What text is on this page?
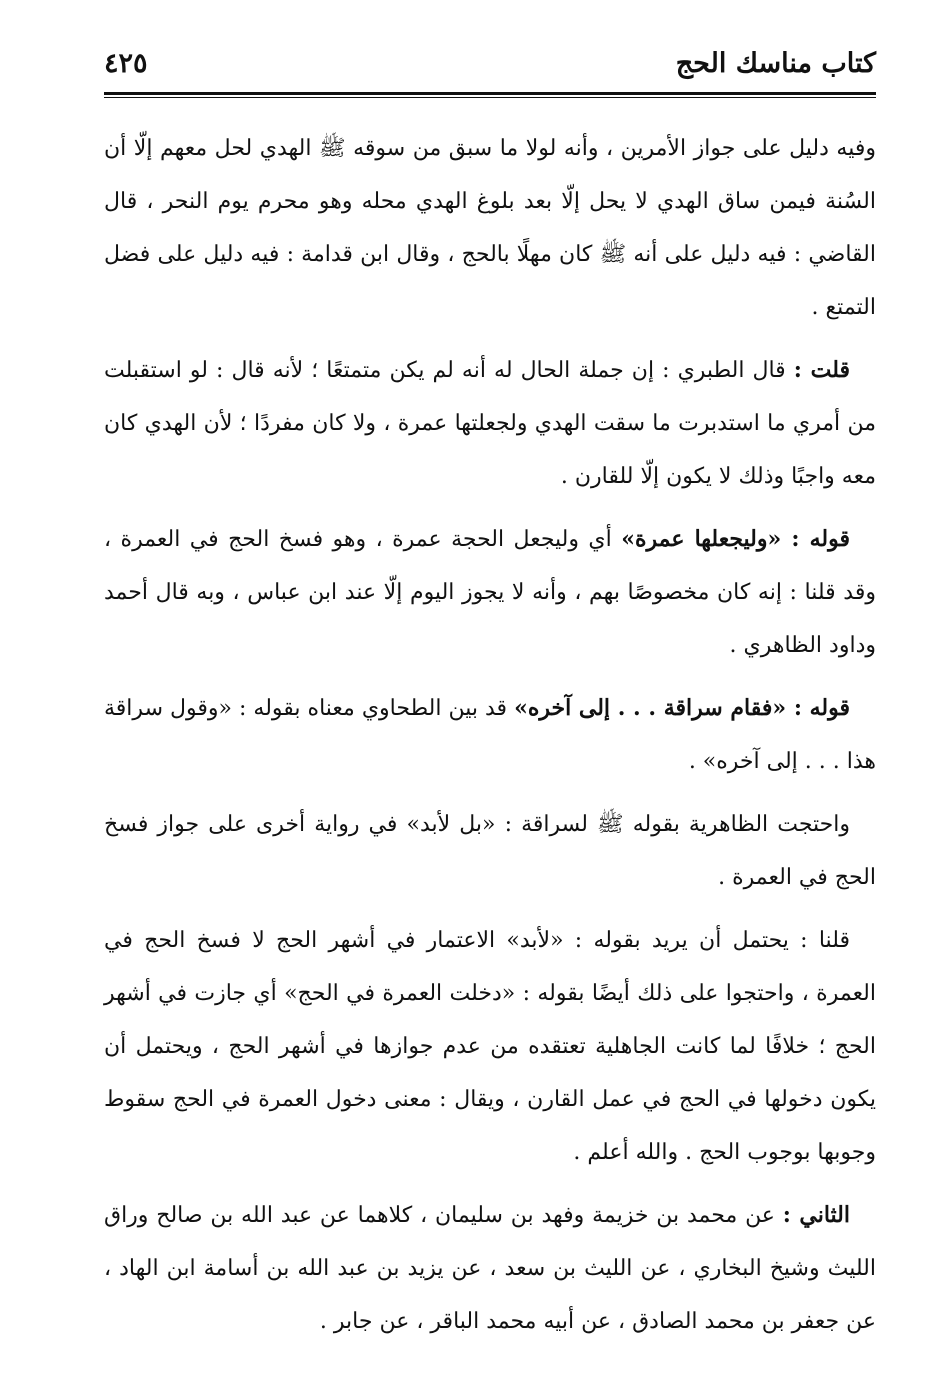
كتاب مناسك الحج
٤٢٥

وفيه دليل على جواز الأمرين ، وأنه لولا ما سبق من سوقه ﷺ الهدي لحل معهم إلّا أن السُنة فيمن ساق الهدي لا يحل إلّا بعد بلوغ الهدي محله وهو محرم يوم النحر ، قال القاضي : فيه دليل على أنه ﷺ كان مهلًا بالحج ، وقال ابن قدامة : فيه دليل على فضل التمتع .

قلت : قال الطبري : إن جملة الحال له أنه لم يكن متمتعًا ؛ لأنه قال : لو استقبلت من أمري ما استدبرت ما سقت الهدي ولجعلتها عمرة ، ولا كان مفردًا ؛ لأن الهدي كان معه واجبًا وذلك لا يكون إلّا للقارن .

قوله : «وليجعلها عمرة» أي وليجعل الحجة عمرة ، وهو فسخ الحج في العمرة ، وقد قلنا : إنه كان مخصوصًا بهم ، وأنه لا يجوز اليوم إلّا عند ابن عباس ، وبه قال أحمد وداود الظاهري .

قوله : «فقام سراقة . . . إلى آخره» قد بين الطحاوي معناه بقوله : «وقول سراقة هذا . . . إلى آخره» .

واحتجت الظاهرية بقوله ﷺ لسراقة : «بل لأبد» في رواية أخرى على جواز فسخ الحج في العمرة .

قلنا : يحتمل أن يريد بقوله : «لأبد» الاعتمار في أشهر الحج لا فسخ الحج في العمرة ، واحتجوا على ذلك أيضًا بقوله : «دخلت العمرة في الحج» أي جازت في أشهر الحج ؛ خلافًا لما كانت الجاهلية تعتقده من عدم جوازها في أشهر الحج ، ويحتمل أن يكون دخولها في الحج في عمل القارن ، ويقال : معنى دخول العمرة في الحج سقوط وجوبها بوجوب الحج . والله أعلم .

الثاني : عن محمد بن خزيمة وفهد بن سليمان ، كلاهما عن عبد الله بن صالح وراق الليث وشيخ البخاري ، عن الليث بن سعد ، عن يزيد بن عبد الله بن أسامة ابن الهاد ، عن جعفر بن محمد الصادق ، عن أبيه محمد الباقر ، عن جابر .
